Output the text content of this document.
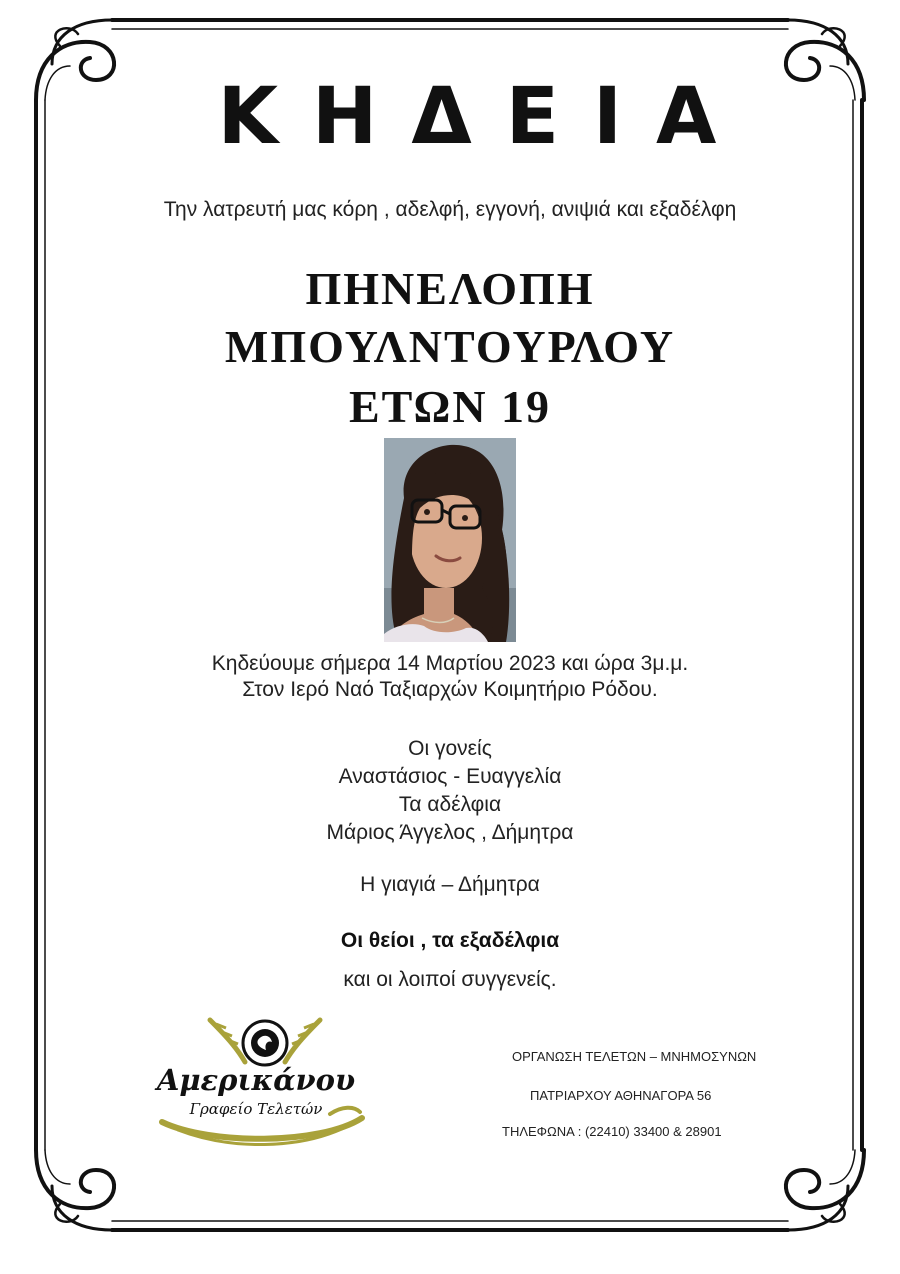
ΚΗΔΕΙΑ
Την λατρευτή μας κόρη , αδελφή, εγγονή, ανιψιά και εξαδέλφη
ΠΗΝΕΛΟΠΗ
ΜΠΟΥΛΝΤΟΥΡΛΟΥ
ΕΤΩΝ 19
Κηδεύουμε σήμερα 14 Μαρτίου 2023 και ώρα 3μ.μ.
Στον Ιερό Ναό Ταξιαρχών Κοιμητήριο Ρόδου.
Οι γονείς
Αναστάσιος - Ευαγγελία
Τα αδέλφια
Μάριος Άγγελος , Δήμητρα
Η γιαγιά – Δήμητρα
Οι θείοι , τα εξαδέλφια
και οι λοιποί συγγενείς.
Αμερικάνου
Γραφείο Τελετών
ΟΡΓΑΝΩΣΗ ΤΕΛΕΤΩΝ – ΜΝΗΜΟΣΥΝΩΝ
ΠΑΤΡΙΑΡΧΟΥ ΑΘΗΝΑΓΟΡΑ 56
ΤΗΛΕΦΩΝΑ : (22410) 33400 & 28901
